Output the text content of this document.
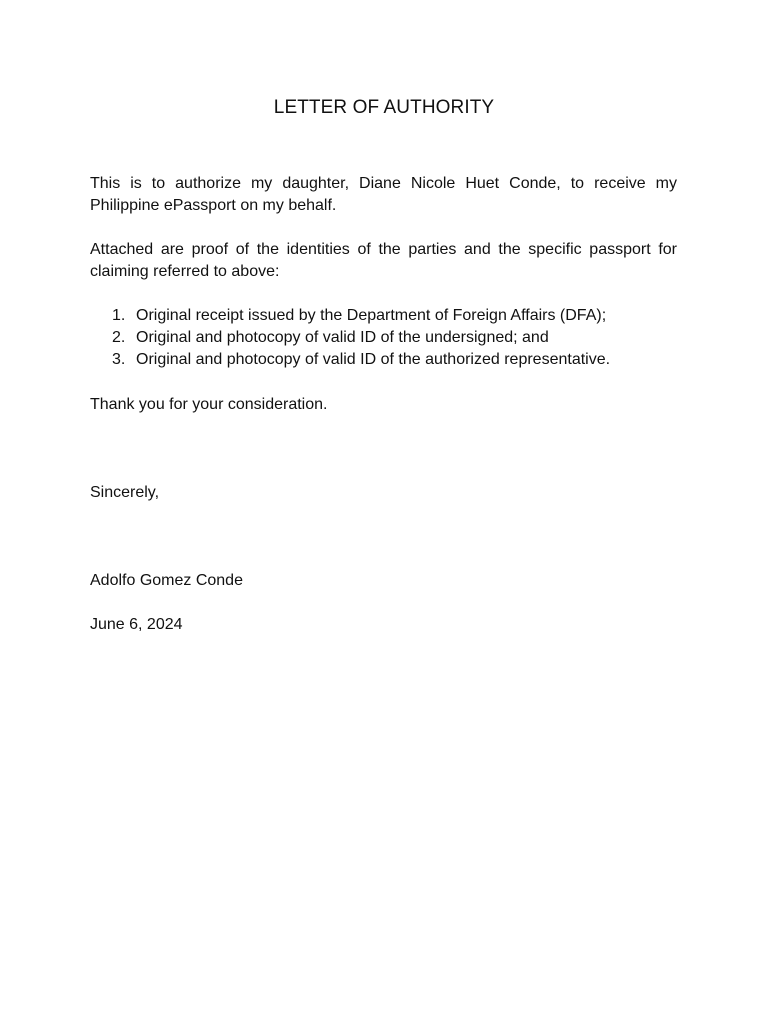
LETTER OF AUTHORITY
This is to authorize my daughter, Diane Nicole Huet Conde, to receive my Philippine ePassport on my behalf.
Attached are proof of the identities of the parties and the specific passport for claiming referred to above:
1. Original receipt issued by the Department of Foreign Affairs (DFA);
2. Original and photocopy of valid ID of the undersigned; and
3. Original and photocopy of valid ID of the authorized representative.
Thank you for your consideration.
Sincerely,
Adolfo Gomez Conde
June 6, 2024
